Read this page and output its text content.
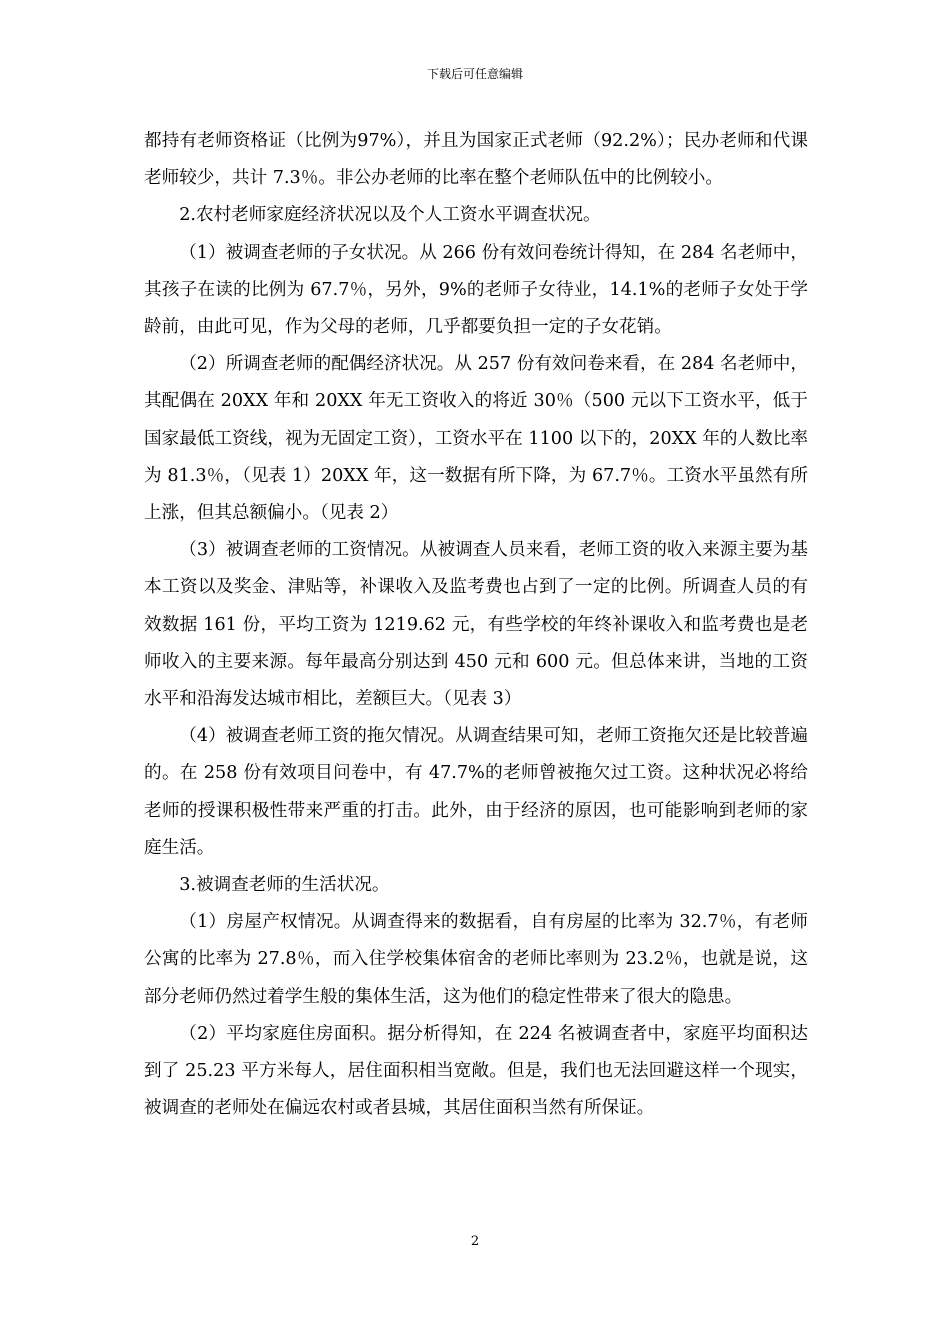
下载后可任意编辑

都持有老师资格证（比例为97%），并且为国家正式老师（92.2%）；民办老师和代课老师较少，共计 7.3％。非公办老师的比率在整个老师队伍中的比例较小。

2.农村老师家庭经济状况以及个人工资水平调查状况。

（1）被调查老师的子女状况。从 266 份有效问卷统计得知，在 284 名老师中，其孩子在读的比例为 67.7％，另外，9%的老师子女待业，14.1%的老师子女处于学龄前，由此可见，作为父母的老师，几乎都要负担一定的子女花销。

（2）所调查老师的配偶经济状况。从 257 份有效问卷来看，在 284 名老师中，其配偶在 20XX 年和 20XX 年无工资收入的将近 30％（500 元以下工资水平，低于国家最低工资线，视为无固定工资），工资水平在 1100 以下的，20XX 年的人数比率为 81.3％，（见表 1）20XX 年，这一数据有所下降，为 67.7％。工资水平虽然有所上涨，但其总额偏小。（见表 2）

（3）被调查老师的工资情况。从被调查人员来看，老师工资的收入来源主要为基本工资以及奖金、津贴等，补课收入及监考费也占到了一定的比例。所调查人员的有效数据 161 份，平均工资为 1219.62 元，有些学校的年终补课收入和监考费也是老师收入的主要来源。每年最高分别达到 450 元和 600 元。但总体来讲，当地的工资水平和沿海发达城市相比，差额巨大。（见表 3）

（4）被调查老师工资的拖欠情况。从调查结果可知，老师工资拖欠还是比较普遍的。在 258 份有效项目问卷中，有 47.7%的老师曾被拖欠过工资。这种状况必将给老师的授课积极性带来严重的打击。此外，由于经济的原因，也可能影响到老师的家庭生活。

3.被调查老师的生活状况。

（1）房屋产权情况。从调查得来的数据看，自有房屋的比率为 32.7％，有老师公寓的比率为 27.8％，而入住学校集体宿舍的老师比率则为 23.2％，也就是说，这部分老师仍然过着学生般的集体生活，这为他们的稳定性带来了很大的隐患。

（2）平均家庭住房面积。据分析得知，在 224 名被调查者中，家庭平均面积达到了 25.23 平方米每人，居住面积相当宽敞。但是，我们也无法回避这样一个现实，被调查的老师处在偏远农村或者县城，其居住面积当然有所保证。

2
